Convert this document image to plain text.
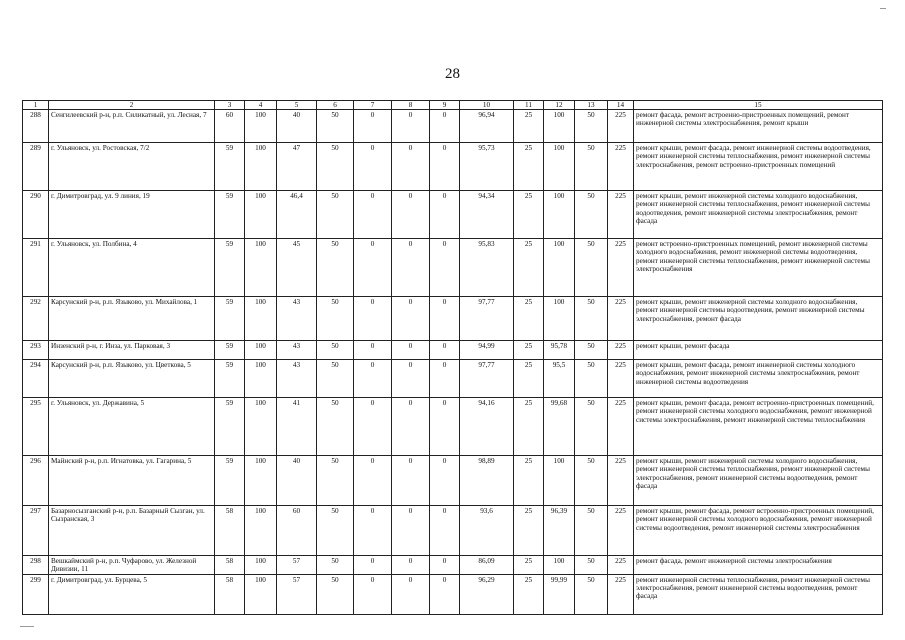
28
1	2	3	4	5	6	7	8	9	10	11	12	13	14	15
288	Сенгилеевский р-н, р.п. Силикатный, ул. Лесная, 7	60	100	40	50	0	0	0	96,94	25	100	50	225	ремонт фасада, ремонт встроенно-пристроенных помещений, ремонт инженерной системы электроснабжения, ремонт крыши
289	г. Ульяновск, ул. Ростовская, 7/2	59	100	47	50	0	0	0	95,73	25	100	50	225	ремонт крыши, ремонт фасада, ремонт инженерной системы водоотведения, ремонт инженерной системы теплоснабжения, ремонт инженерной системы электроснабжения, ремонт встроенно-пристроенных помещений
290	г. Димитровград, ул. 9 линия, 19	59	100	46,4	50	0	0	0	94,34	25	100	50	225	ремонт крыши, ремонт инженерной системы холодного водоснабжения, ремонт инженерной системы теплоснабжения, ремонт инженерной системы водоотведения, ремонт инженерной системы электроснабжения, ремонт фасада
291	г. Ульяновск, ул. Полбина, 4	59	100	45	50	0	0	0	95,83	25	100	50	225	ремонт встроенно-пристроенных помещений, ремонт инженерной системы холодного водоснабжения, ремонт инженерной системы водоотведения, ремонт инженерной системы теплоснабжения, ремонт инженерной системы электроснабжения
292	Карсунский р-н, р.п. Языково, ул. Михайлова, 1	59	100	43	50	0	0	0	97,77	25	100	50	225	ремонт крыши, ремонт инженерной системы холодного водоснабжения, ремонт инженерной системы водоотведения, ремонт инженерной системы электроснабжения, ремонт фасада
293	Инзенский р-н, г. Инза, ул. Парковая, 3	59	100	43	50	0	0	0	94,99	25	95,78	50	225	ремонт крыши, ремонт фасада
294	Карсунский р-н, р.п. Языково, ул. Цветкова, 5	59	100	43	50	0	0	0	97,77	25	95,5	50	225	ремонт крыши, ремонт фасада, ремонт инженерной системы холодного водоснабжения, ремонт инженерной системы электроснабжения, ремонт инженерной системы водоотведения
295	г. Ульяновск, ул. Державина, 5	59	100	41	50	0	0	0	94,16	25	99,68	50	225	ремонт крыши, ремонт фасада, ремонт встроенно-пристроенных помещений, ремонт инженерной системы холодного водоснабжения, ремонт инженерной системы электроснабжения, ремонт инженерной системы теплоснабжения
296	Майнский р-н, р.п. Игнатовка, ул. Гагарина, 5	59	100	40	50	0	0	0	98,89	25	100	50	225	ремонт крыши, ремонт инженерной системы холодного водоснабжения, ремонт инженерной системы теплоснабжения, ремонт инженерной системы электроснабжения, ремонт инженерной системы водоотведения, ремонт фасада
297	Базарносызганский р-н, р.п. Базарный Сызган, ул. Сызранская, 3	58	100	60	50	0	0	0	93,6	25	96,39	50	225	ремонт крыши, ремонт фасада, ремонт встроенно-пристроенных помещений, ремонт инженерной системы холодного водоснабжения, ремонт инженерной системы водоотведения, ремонт инженерной системы электроснабжения
298	Вешкаймский р-н, р.п. Чуфарово, ул. Железной Дивизии, 11	58	100	57	50	0	0	0	86,09	25	100	50	225	ремонт фасада, ремонт инженерной системы электроснабжения
299	г. Димитровград, ул. Бурцева, 5	58	100	57	50	0	0	0	96,29	25	99,99	50	225	ремонт инженерной системы теплоснабжения, ремонт инженерной системы электроснабжения, ремонт инженерной системы водоотведения, ремонт фасада
